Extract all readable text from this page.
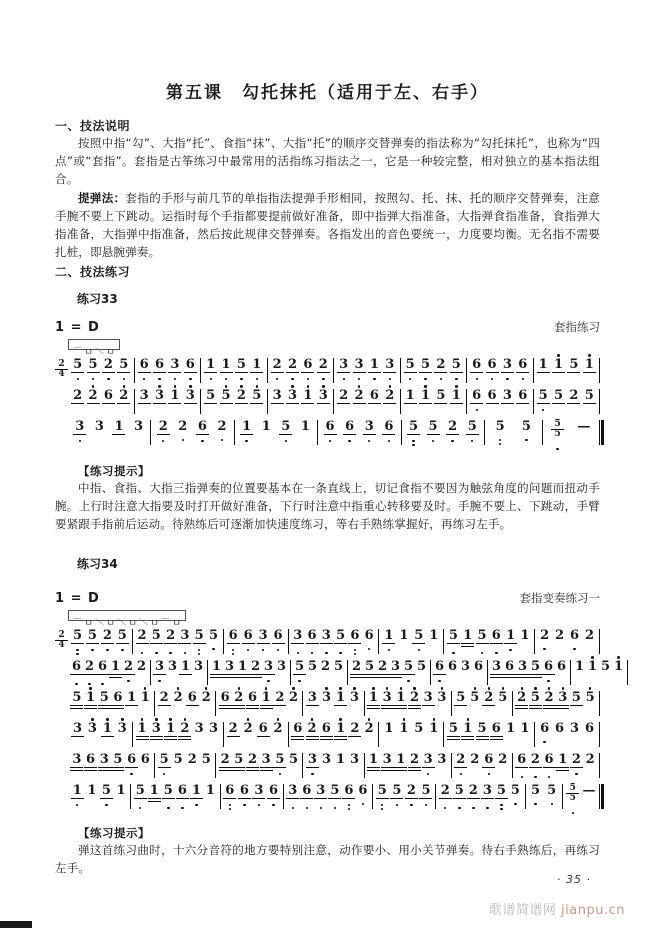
第五课　勾托抹托（适用于左、右手）
一、技法说明

按照中指“勾”、大指“托”、食指“抹”、大指“托”的顺序交替弹奏的指法称为“勾托抹托”，也称为“四点”或“套指”。套指是古筝练习中最常用的活指练习指法之一，它是一种较完整，相对独立的基本指法组合。

提弹法：套指的手形与前几节的单指指法提弹手形相同，按照勾、托、抹、托的顺序交替弹奏，注意手腕不要上下跳动。运指时每个手指都要提前做好准备，即中指弹大指准备，大指弹食指准备，食指弹大指准备，大指弹中指准备，然后按此规律交替弹奏。各指发出的音色要统一，力度要均衡。无名指不需要扎桩，即悬腕弹奏。

二、技法练习

练习33

1 = D	套指练习
⌒ ⊔ ＼ ⊔
2
4
5 5 2 5 6 6 3 6 1 1 5 1 2 2 6 2 3 3 1 3 5 5 2 5 6 6 3 6 1 1 5 1
2 2 6 2 3 3 1 3 5 5 2 5 3 3 1 3 2 2 6 2 1 1 5 1 6 6 3 6 5 5 2 5
3 3 1 3 2 2 6 2 1 1 5 1 6 6 3 6 5 5 2 5 5 5	5
5 —

【练习提示】

中指、食指、大指三指弹奏的位置要基本在一条直线上，切记食指不要因为触弦角度的问题而扭动手腕。上行时注意大指要及时打开做好准备，下行时注意中指重心转移要及时。手腕不要上、下跳动，手臂要紧跟手指前后运动。待熟练后可逐渐加快速度练习，等右手熟练掌握好，再练习左手。

练习34

1 = D	套指变奏练习一
⌒ ⊔ ＼ ⊔ ＼ ⊔ ＼ ⊔ ⌒ ⊔
2
4
5 5 2 5 2 5 2 3 5 5 6 6 3 6 3 6 3 5 6 6 1 1 5 1 5 1 5 6 1 1 2 2 6 2
6 2 6 1 2 2 3 3 1 3 1 3 1 2 3 3 5 5 2 5 2 5 2 3 5 5 6 6 3 6 3 6 3 5 6 6 1 1 5 1
5 1 5 6 1 1 2 2 6 2 6 2 6 1 2 2 3 3 1 3 1 3 1 2 3 3 5 5 2 5 2 5 2 3 5 5
3 3 1 3 1 3 1 2 3 3 2 2 6 2 6 2 6 1 2 2 1 1 5 1 5 1 5 6 1 1 6 6 3 6
3 6 3 5 6 6 5 5 2 5 2 5 2 3 5 5 3 3 1 3 1 3 1 2 3 3 2 2 6 2 6 2 6 1 2 2
1 1 5 1 5 1 5 6 1 1 6 6 3 6 3 6 3 5 6 6 5 5 2 5 2 5 2 3 5 5 5 5	5
5 —

【练习提示】

弹这首练习曲时，十六分音符的地方要特别注意，动作要小、用小关节弹奏。待右手熟练后，再练习左手。

· 35 ·
歌谱简谱网 jianpu.cn
